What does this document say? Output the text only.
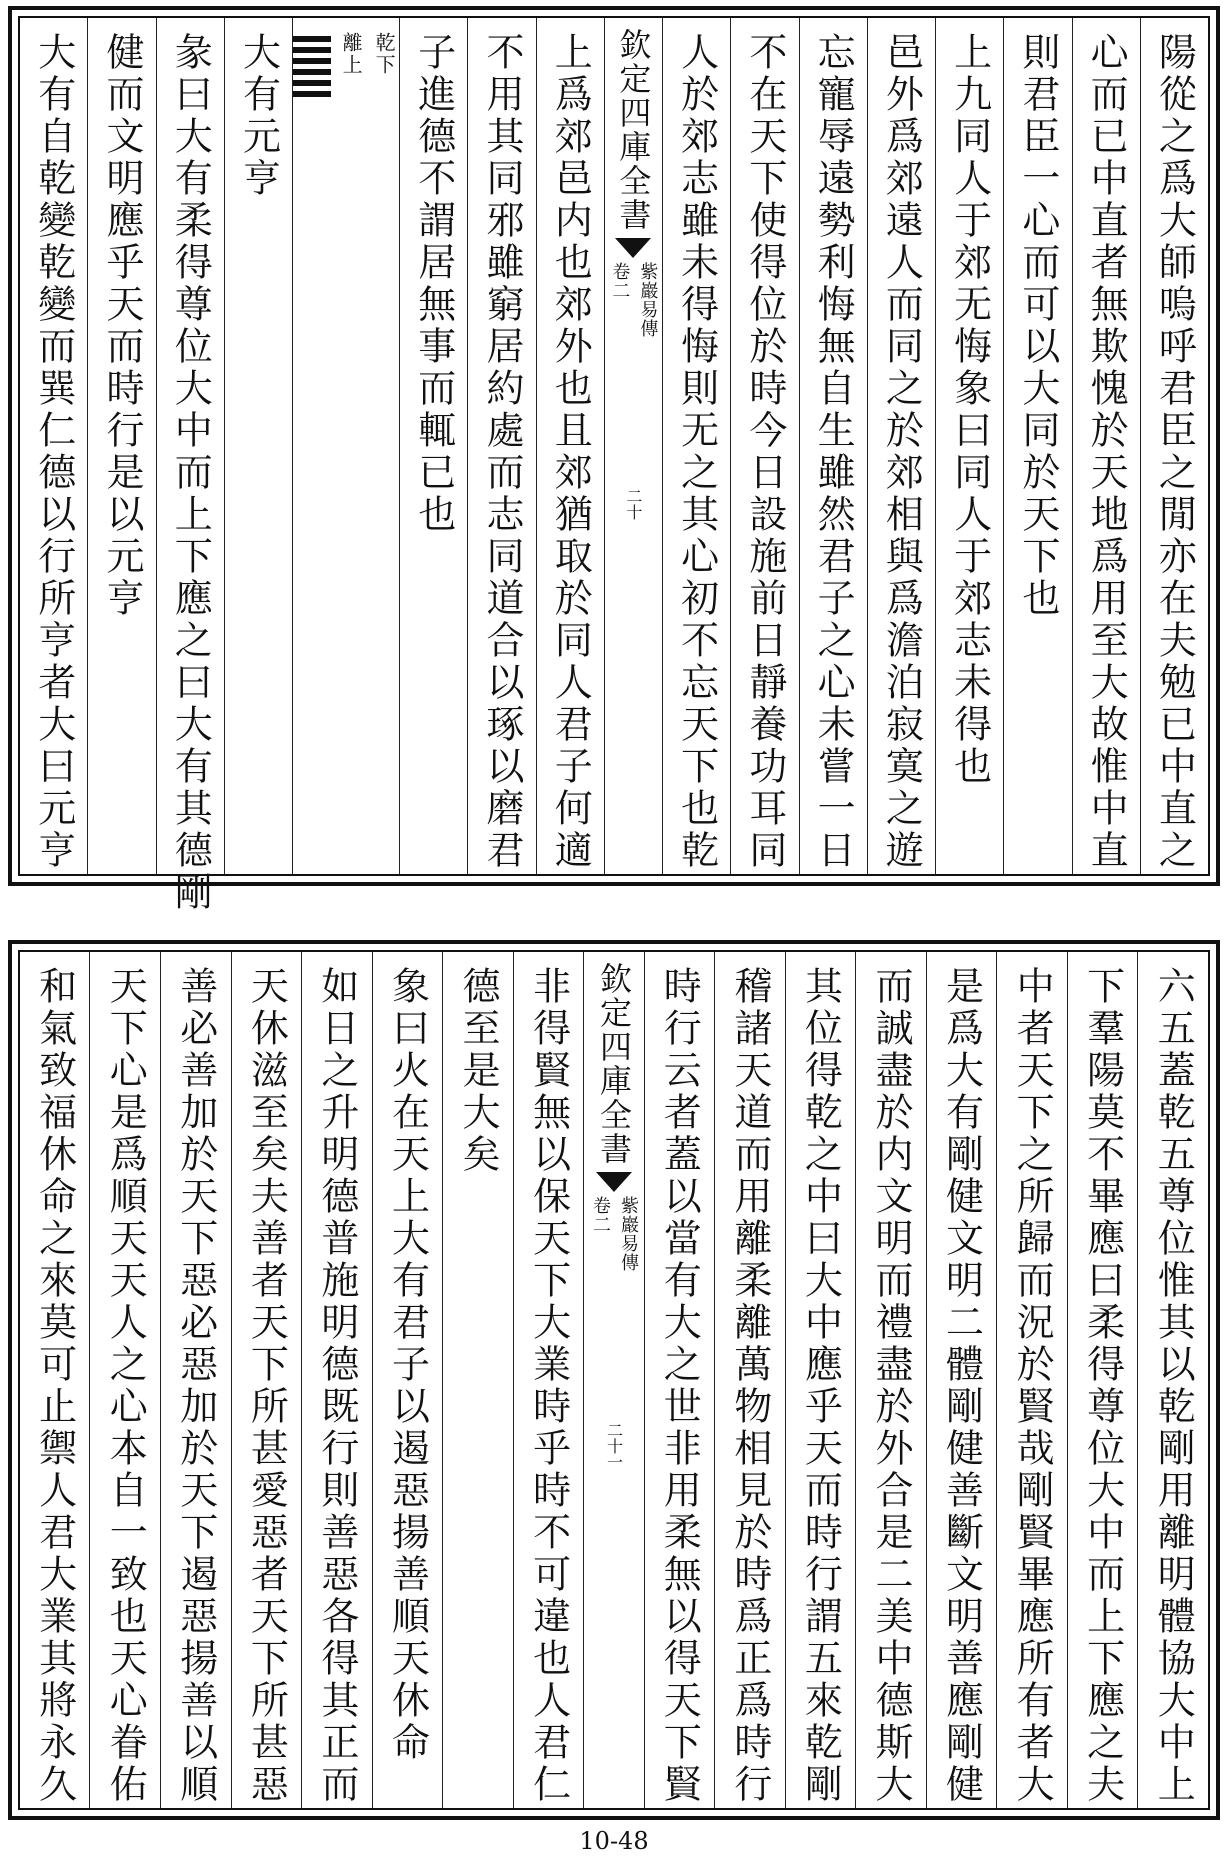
陽從之爲大師嗚呼君臣之閒亦在夫勉已中直之
心而已中直者無欺愧於天地爲用至大故惟中直
則君臣一心而可以大同於天下也
上九同人于郊无悔象曰同人于郊志未得也
邑外爲郊遠人而同之於郊相與爲澹泊寂寞之遊
忘寵辱遠勢利悔無自生雖然君子之心未嘗一日
不在天下使得位於時今日設施前日靜養功耳同
人於郊志雖未得悔則无之其心初不忘天下也乾
欽定四庫全書
紫巖易傳
卷二
二十
上爲郊邑内也郊外也且郊猶取於同人君子何適
不用其同邪雖窮居約處而志同道合以琢以磨君
子進德不謂居無事而輒已也
乾下
離上
大有元亨
彖曰大有柔得尊位大中而上下應之曰大有其德剛
健而文明應乎天而時行是以元亨
大有自乾變乾變而巽仁德以行所亨者大曰元亨
六五蓋乾五尊位惟其以乾剛用離明體協大中上
下羣陽莫不畢應曰柔得尊位大中而上下應之夫
中者天下之所歸而況於賢哉剛賢畢應所有者大
是爲大有剛健文明二體剛健善斷文明善應剛健
而誠盡於内文明而禮盡於外合是二美中德斯大
其位得乾之中曰大中應乎天而時行謂五來乾剛
稽諸天道而用離柔離萬物相見於時爲正爲時行
時行云者蓋以當有大之世非用柔無以得天下賢
欽定四庫全書
紫巖易傳
卷二
二十一
非得賢無以保天下大業時乎時不可違也人君仁
德至是大矣
象曰火在天上大有君子以遏惡揚善順天休命
如日之升明德普施明德既行則善惡各得其正而
天休滋至矣夫善者天下所甚愛惡者天下所甚惡
善必善加於天下惡必惡加於天下遏惡揚善以順
天下心是爲順天天人之心本自一致也天心眷佑
和氣致福休命之來莫可止禦人君大業其將永久
10-48
